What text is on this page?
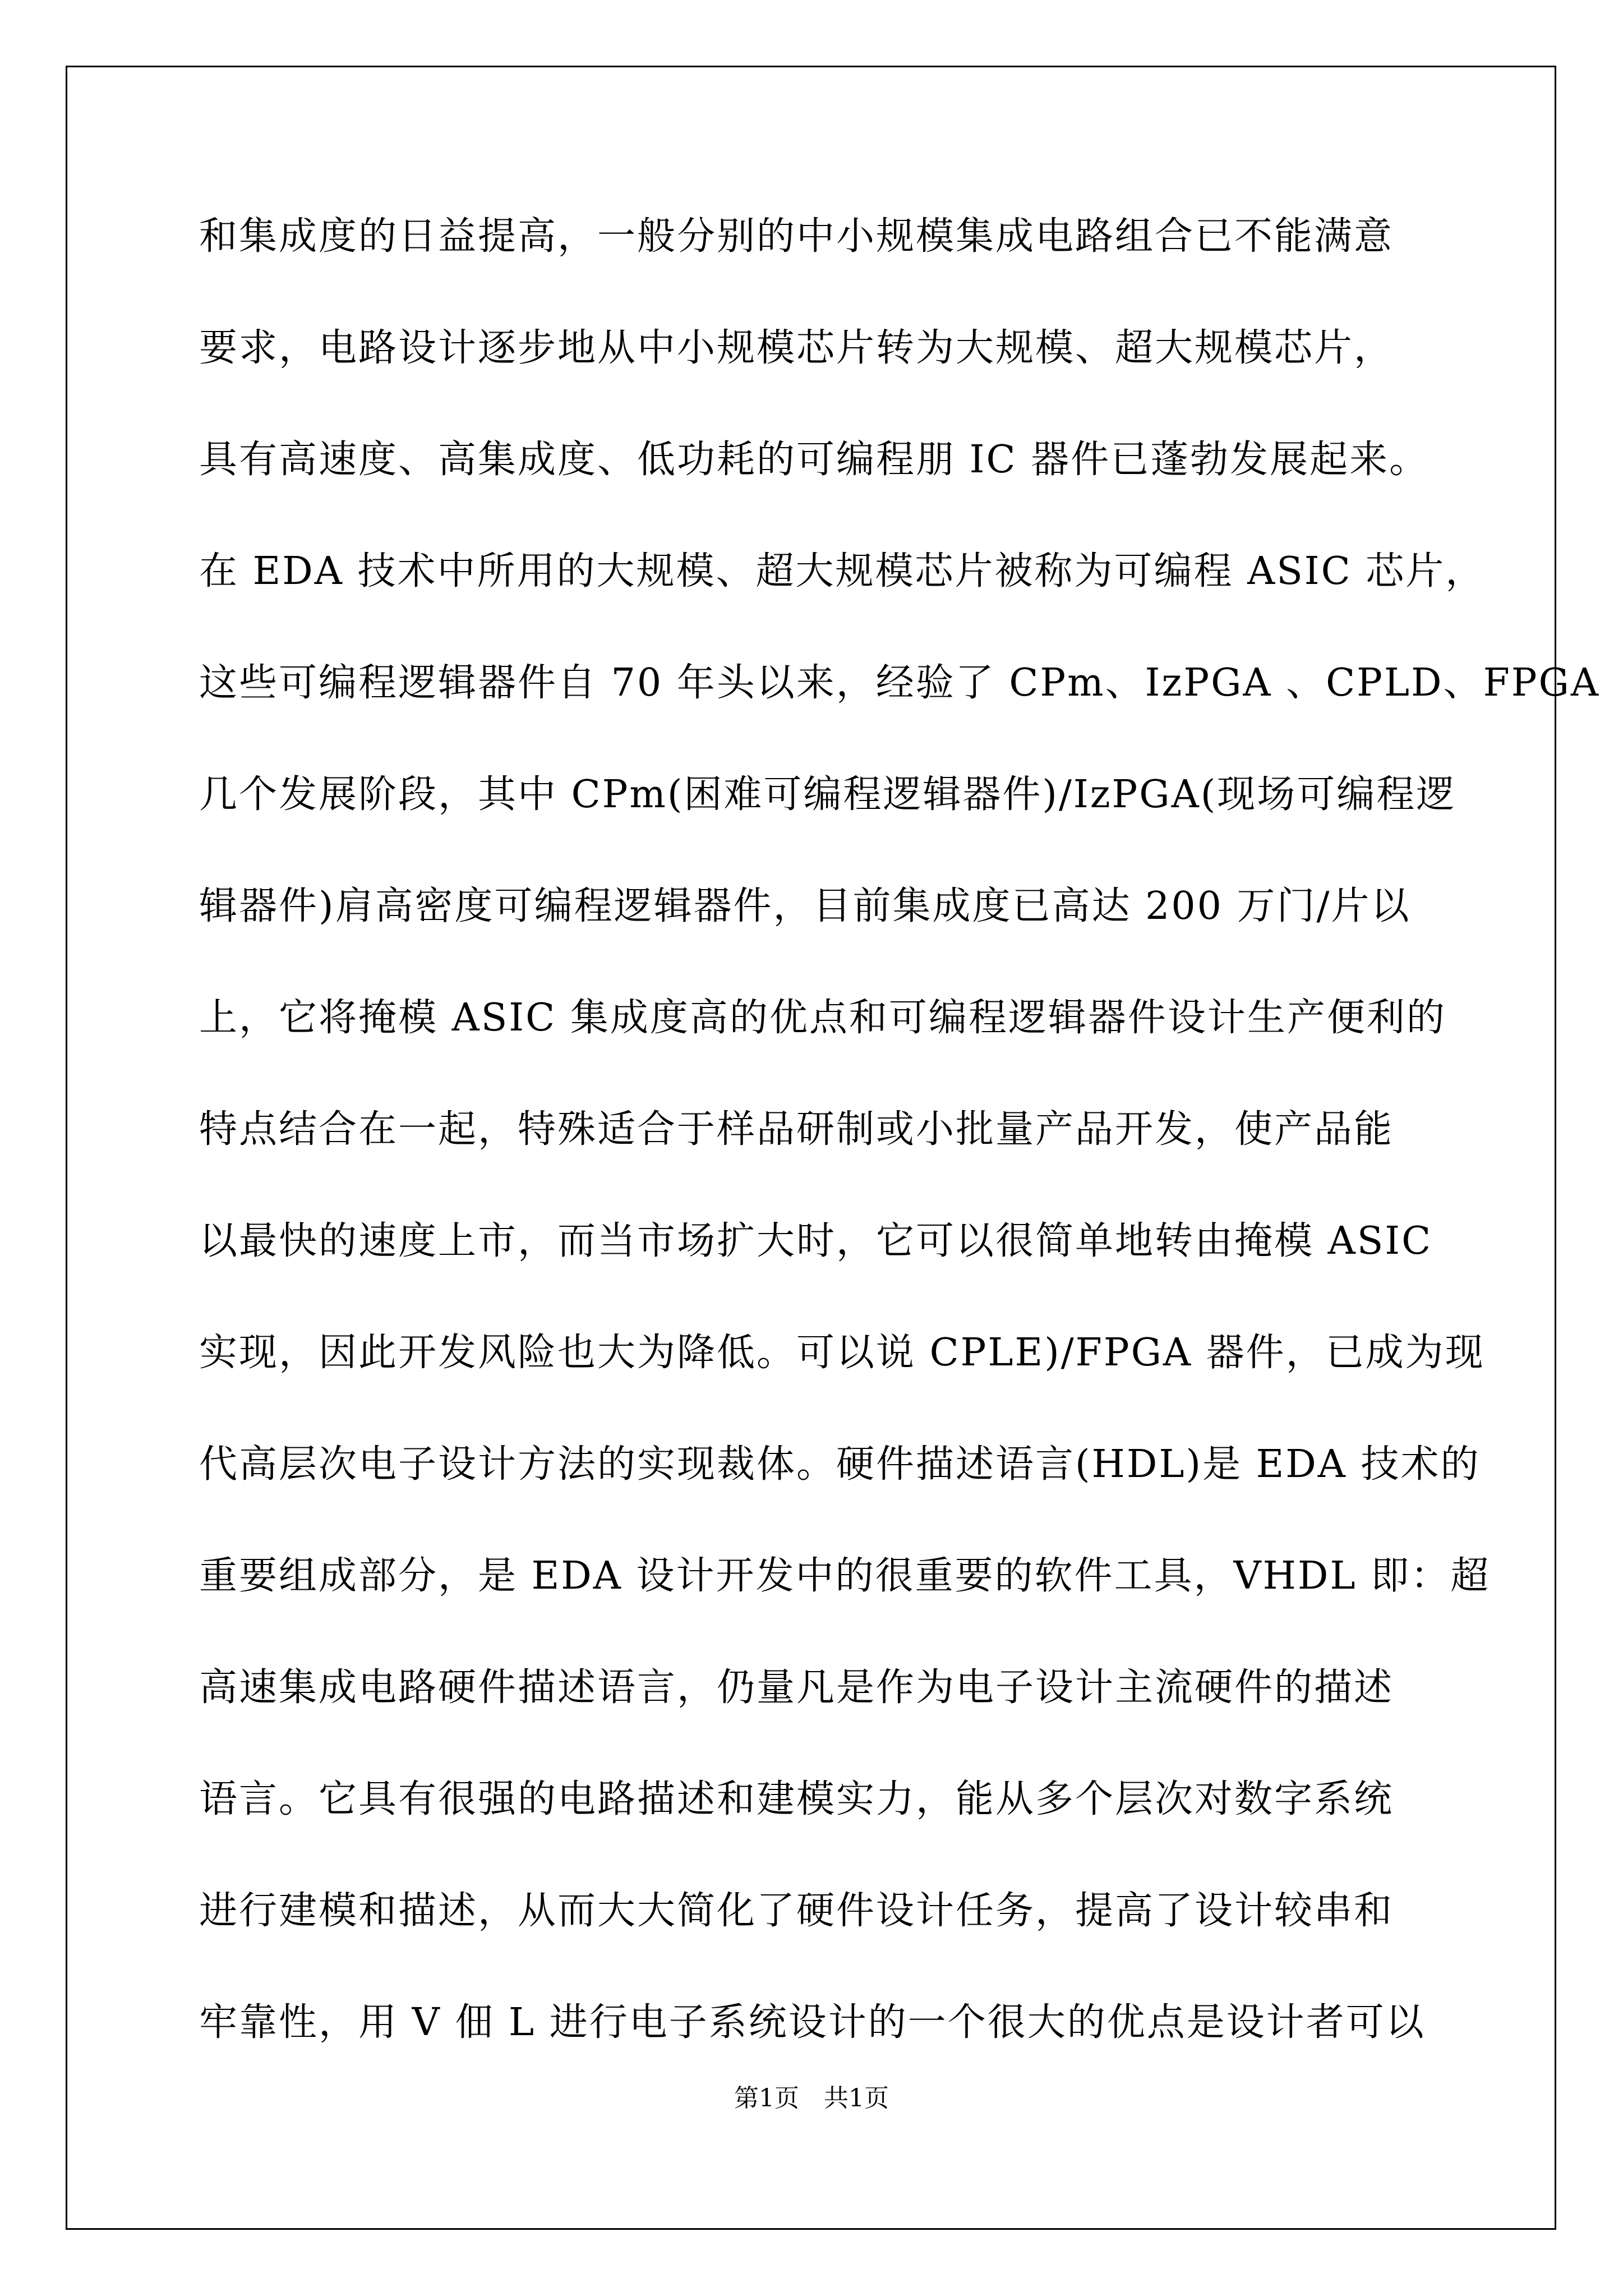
和集成度的日益提高，一般分别的中小规模集成电路组合已不能满意
要求，电路设计逐步地从中小规模芯片转为大规模、超大规模芯片，
具有高速度、高集成度、低功耗的可编程朋 IC 器件已蓬勃发展起来。
在 EDA 技术中所用的大规模、超大规模芯片被称为可编程 ASIC 芯片，
这些可编程逻辑器件自 70 年头以来，经验了 CPm、IzPGA 、CPLD、FPGA
几个发展阶段，其中 CPm(困难可编程逻辑器件)/IzPGA(现场可编程逻
辑器件)肩高密度可编程逻辑器件，目前集成度已高达 200 万门/片以
上，它将掩模 ASIC 集成度高的优点和可编程逻辑器件设计生产便利的
特点结合在一起，特殊适合于样品研制或小批量产品开发，使产品能
以最快的速度上市，而当市场扩大时，它可以很简单地转由掩模 ASIC
实现，因此开发风险也大为降低。可以说 CPLE)/FPGA 器件，已成为现
代高层次电子设计方法的实现裁体。硬件描述语言(HDL)是 EDA 技术的
重要组成部分，是 EDA 设计开发中的很重要的软件工具，VHDL 即：超
高速集成电路硬件描述语言，仍量凡是作为电子设计主流硬件的描述
语言。它具有很强的电路描述和建模实力，能从多个层次对数字系统
进行建模和描述，从而大大简化了硬件设计任务，提高了设计较串和
牢靠性，用 V 佃 L 进行电子系统设计的一个很大的优点是设计者可以
第1页　共1页
